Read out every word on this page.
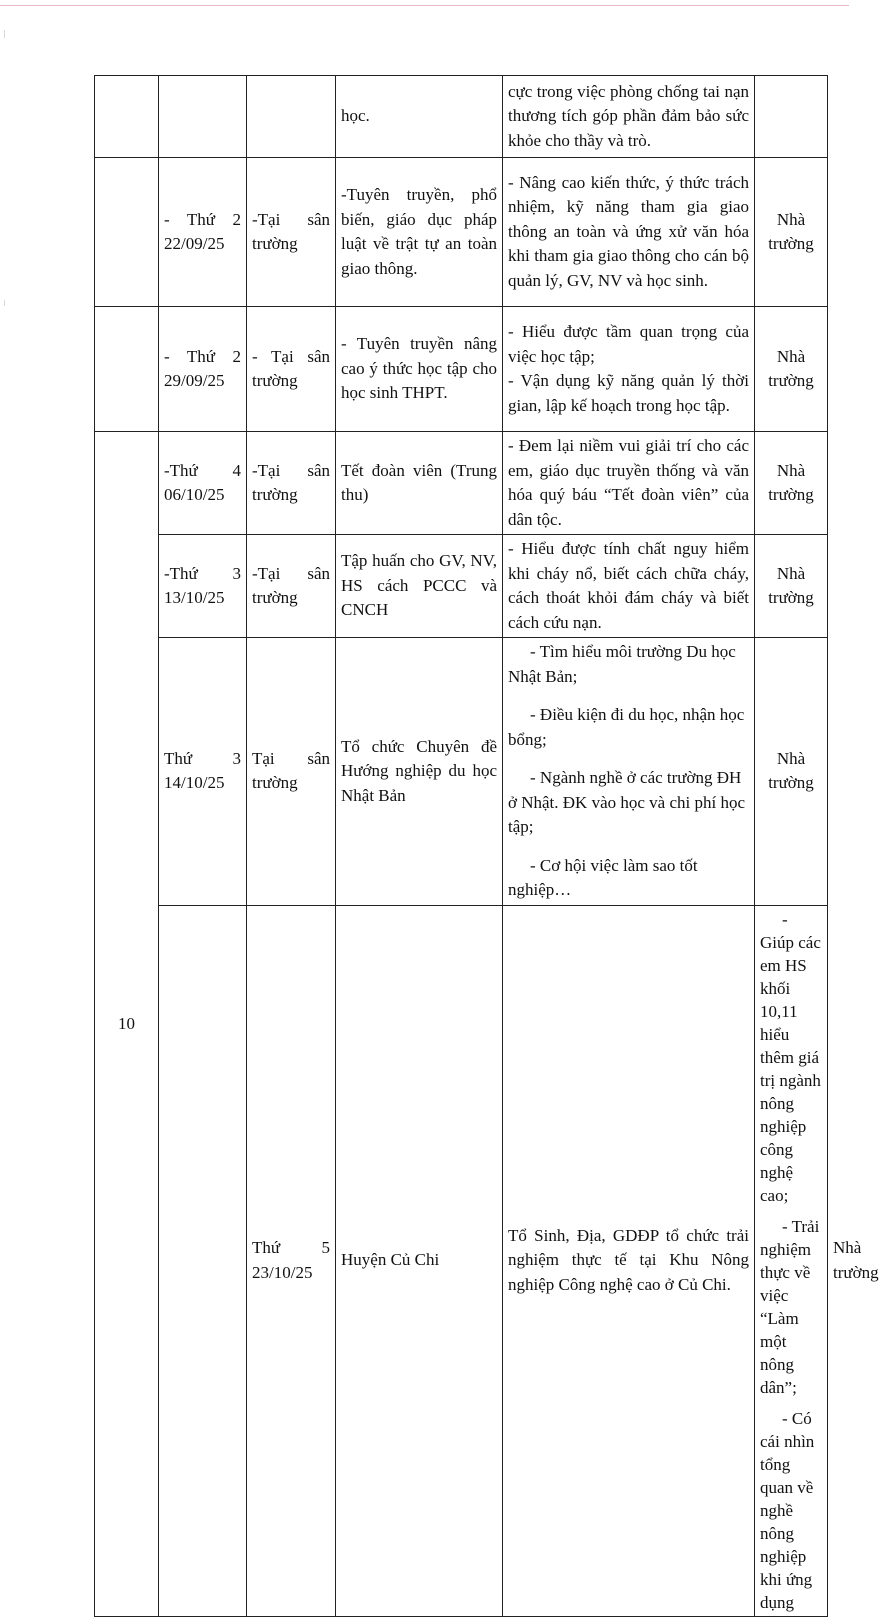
			học.	cực trong việc phòng chống tai nạn thương tích góp phần đảm bảo sức khỏe cho thầy và trò.		

	- Thứ 2 22/09/25	-Tại sân trường	-Tuyên truyền, phổ biến, giáo dục pháp luật về trật tự an toàn giao thông.	- Nâng cao kiến thức, ý thức trách nhiệm, kỹ năng tham gia giao thông an toàn và ứng xử văn hóa khi tham gia giao thông cho cán bộ quản lý, GV, NV và học sinh.	Nhà trường	
	- Thứ 2 29/09/25	- Tại sân trường	- Tuyên truyền nâng cao ý thức học tập cho học sinh THPT.	- Hiểu được tầm quan trọng của việc học tập;

- Vận dụng kỹ năng quản lý thời gian, lập kế hoạch trong học tập.	Nhà trường	
10	-Thứ 4 06/10/25	-Tại sân trường	Tết đoàn viên (Trung thu)	- Đem lại niềm vui giải trí cho các em, giáo dục truyền thống và văn hóa quý báu “Tết đoàn viên” của dân tộc.	Nhà trường	
	-Thứ 3 13/10/25	-Tại sân trường	Tập huấn cho GV, NV, HS cách PCCC và CNCH	- Hiểu được tính chất nguy hiểm khi cháy nổ, biết cách chữa cháy, cách thoát khỏi đám cháy và biết cách cứu nạn.	Nhà trường	
	Thứ 3 14/10/25	Tại sân trường	Tổ chức Chuyên đề Hướng nghiệp du học Nhật Bản	- Tìm hiểu môi trường Du học Nhật Bản;

- Điều kiện đi du học, nhận học bổng;

- Ngành nghề ở các trường ĐH ở Nhật. ĐK vào học và chi phí học tập;

- Cơ hội việc làm sao tốt nghiệp…	Nhà trường	
		Thứ 5 23/10/25	Huyện Củ Chi	Tổ Sinh, Địa, GDĐP tổ chức trải nghiệm thực tế tại Khu Nông nghiệp Công nghệ cao ở Củ Chi.	- Giúp các em HS khối 10,11 hiểu thêm giá trị ngành nông nghiệp công nghệ cao;

- Trải nghiệm thực về việc “Làm một nông dân”;

- Có cái nhìn tổng quan về nghề nông nghiệp khi ứng dụng	Nhà trường
